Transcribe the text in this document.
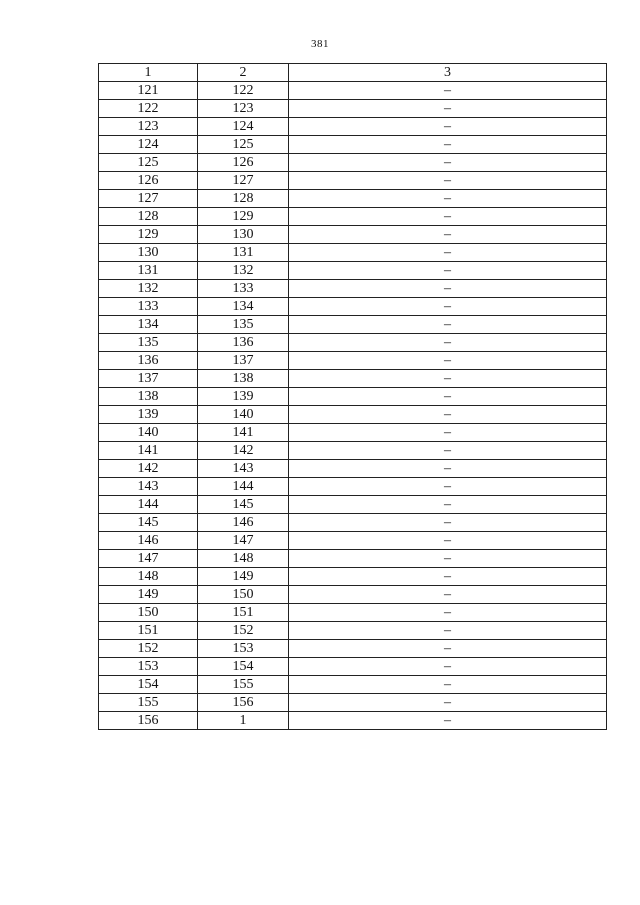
381
1	2	3
121	122	–
122	123	–
123	124	–
124	125	–
125	126	–
126	127	–
127	128	–
128	129	–
129	130	–
130	131	–
131	132	–
132	133	–
133	134	–
134	135	–
135	136	–
136	137	–
137	138	–
138	139	–
139	140	–
140	141	–
141	142	–
142	143	–
143	144	–
144	145	–
145	146	–
146	147	–
147	148	–
148	149	–
149	150	–
150	151	–
151	152	–
152	153	–
153	154	–
154	155	–
155	156	–
156	1	–
